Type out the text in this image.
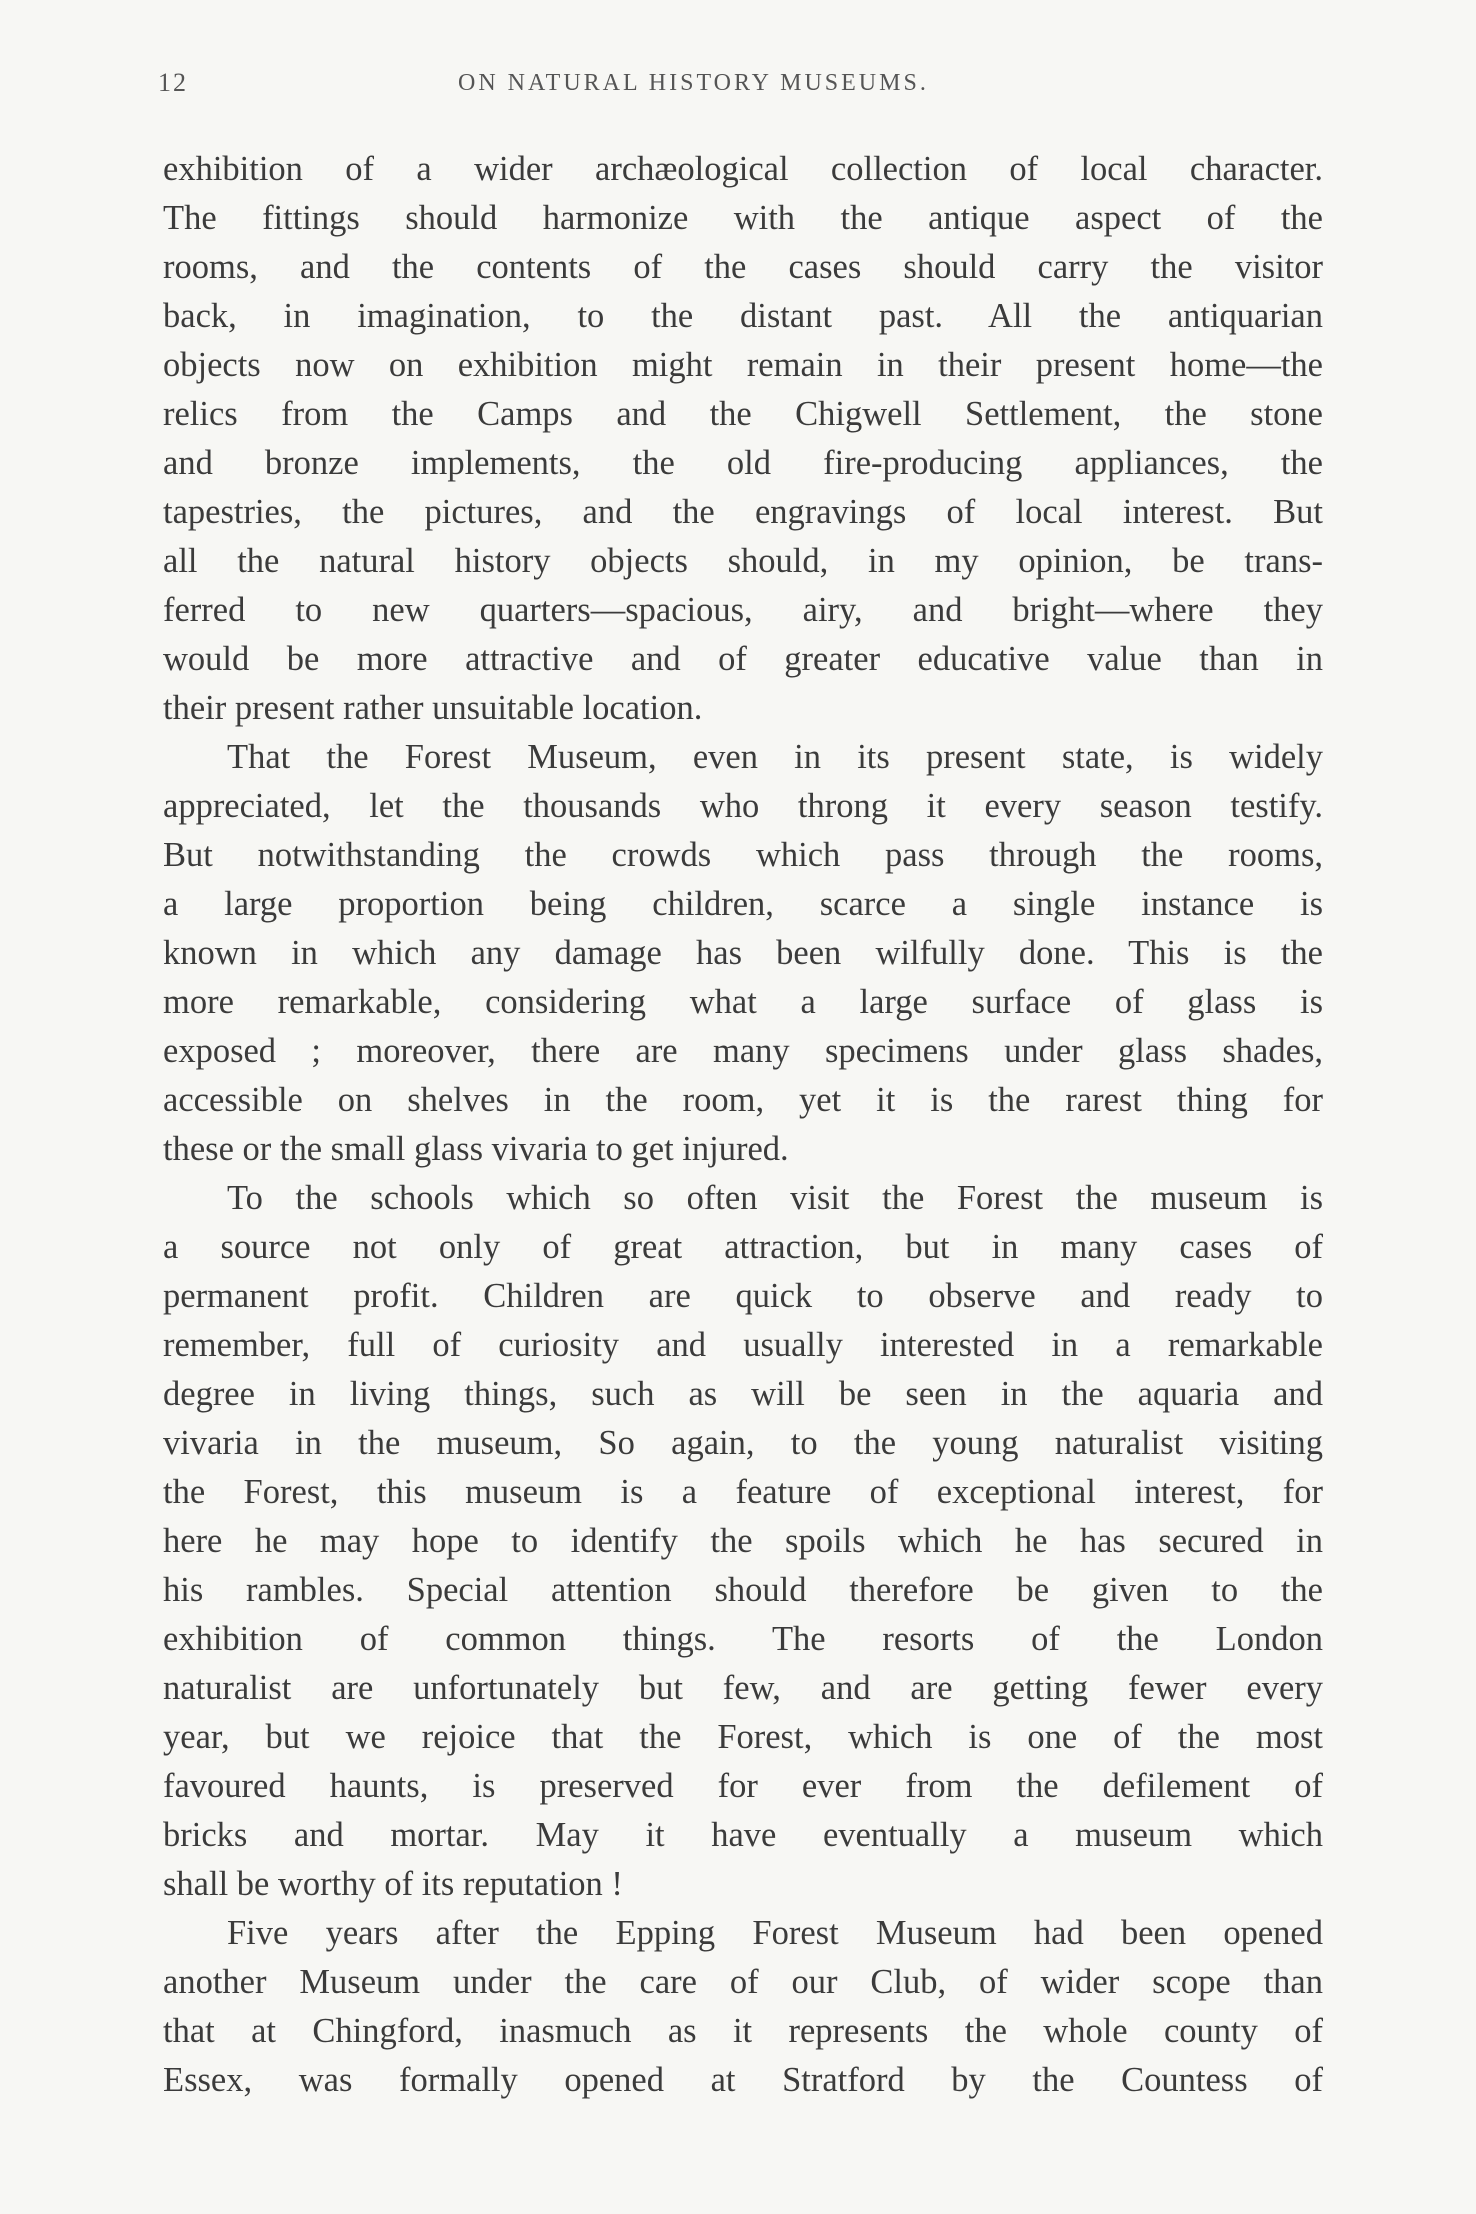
12	ON NATURAL HISTORY MUSEUMS.
exhibition of a wider archæological collection of local character.
The fittings should harmonize with the antique aspect of the
rooms, and the contents of the cases should carry the visitor
back, in imagination, to the distant past. All the antiquarian
objects now on exhibition might remain in their present home—the
relics from the Camps and the Chigwell Settlement, the stone
and bronze implements, the old fire-producing appliances, the
tapestries, the pictures, and the engravings of local interest. But
all the natural history objects should, in my opinion, be trans-
ferred to new quarters—spacious, airy, and bright—where they
would be more attractive and of greater educative value than in
their present rather unsuitable location.
That the Forest Museum, even in its present state, is widely
appreciated, let the thousands who throng it every season testify.
But notwithstanding the crowds which pass through the rooms,
a large proportion being children, scarce a single instance is
known in which any damage has been wilfully done. This is the
more remarkable, considering what a large surface of glass is
exposed ; moreover, there are many specimens under glass shades,
accessible on shelves in the room, yet it is the rarest thing for
these or the small glass vivaria to get injured.
To the schools which so often visit the Forest the museum is
a source not only of great attraction, but in many cases of
permanent profit. Children are quick to observe and ready to
remember, full of curiosity and usually interested in a remarkable
degree in living things, such as will be seen in the aquaria and
vivaria in the museum, So again, to the young naturalist visiting
the Forest, this museum is a feature of exceptional interest, for
here he may hope to identify the spoils which he has secured in
his rambles. Special attention should therefore be given to the
exhibition of common things. The resorts of the London
naturalist are unfortunately but few, and are getting fewer every
year, but we rejoice that the Forest, which is one of the most
favoured haunts, is preserved for ever from the defilement of
bricks and mortar. May it have eventually a museum which
shall be worthy of its reputation !
Five years after the Epping Forest Museum had been opened
another Museum under the care of our Club, of wider scope than
that at Chingford, inasmuch as it represents the whole county of
Essex, was formally opened at Stratford by the Countess of
